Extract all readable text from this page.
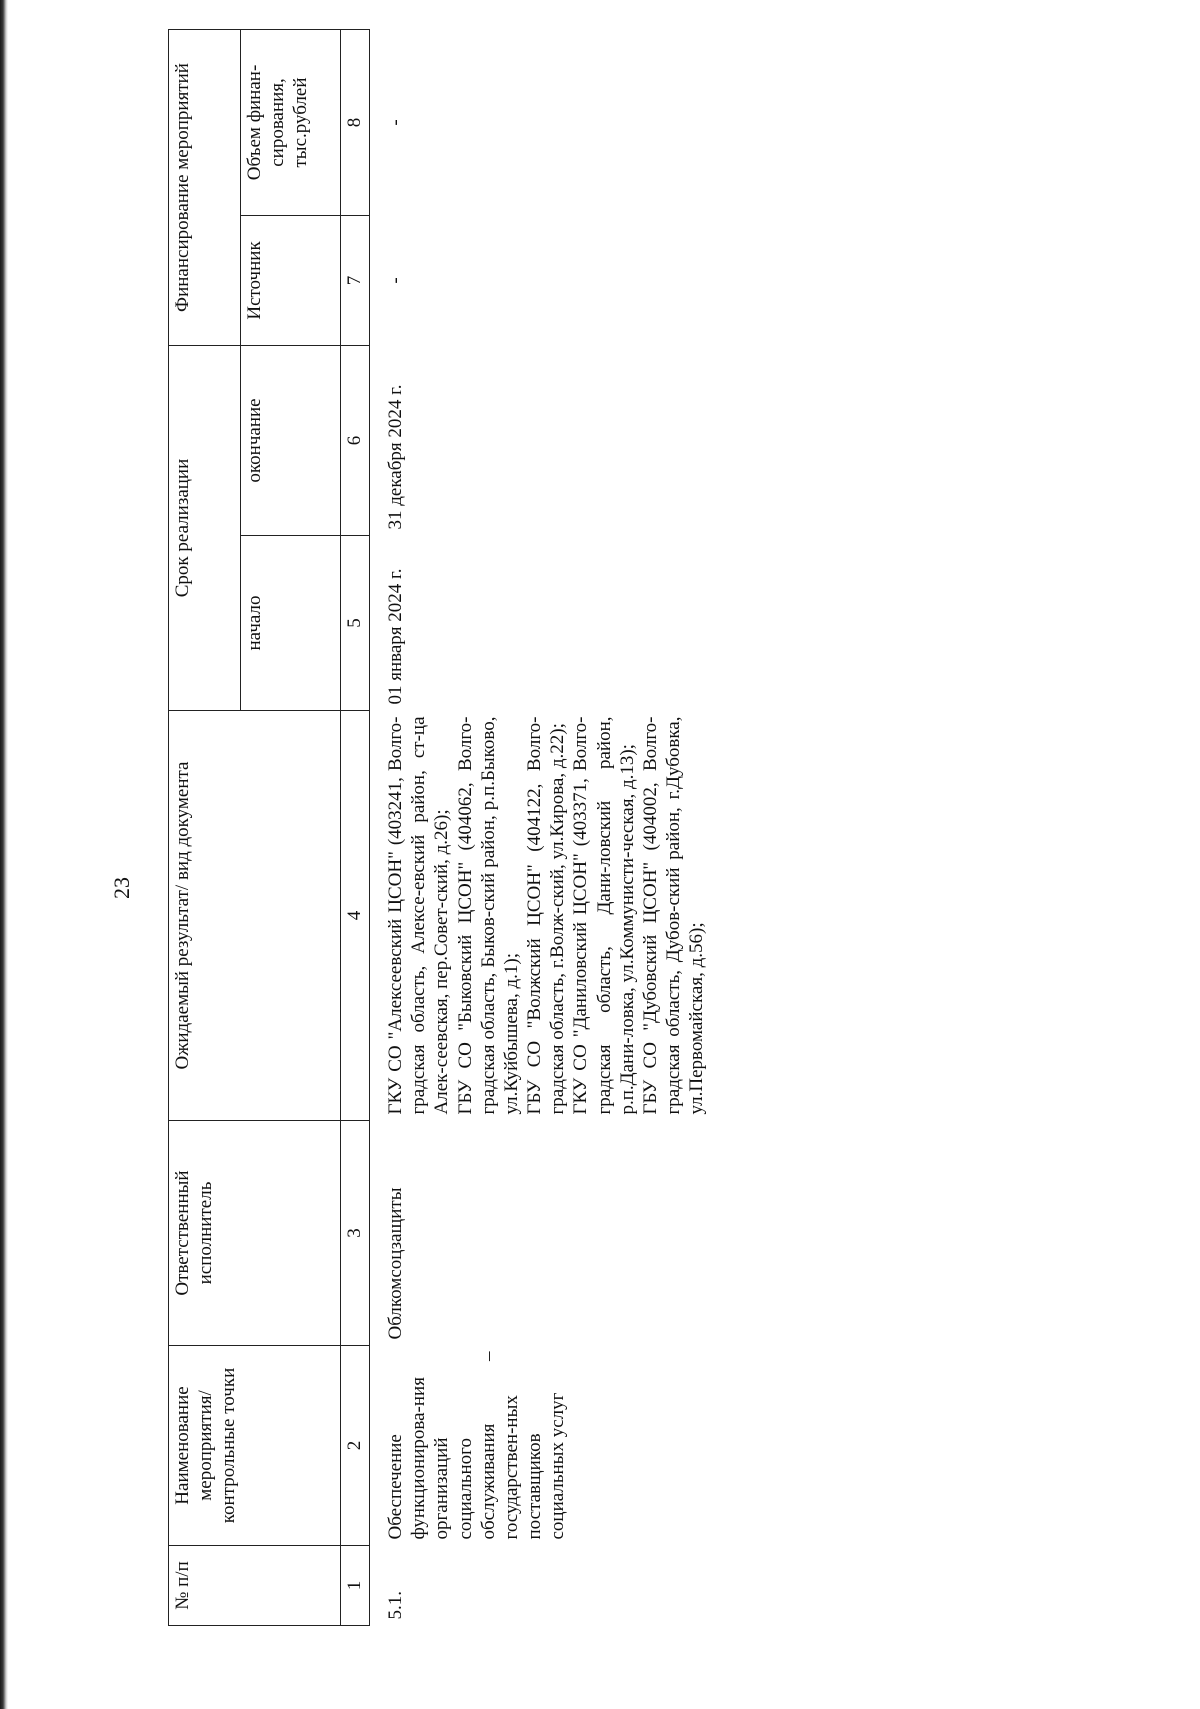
23
№ п/п	Наименование мероприятия/ контрольные точки	Ответственный исполнитель	Ожидаемый результат/ вид документа	Срок реализации		Финансирование мероприятий	
				начало	окончание	Источник	Объем финан-сирования, тыс.рублей
1	2	3	4	5	6	7	8
5.1.	Обеспечение функционирова-ния организаций социального обслуживания – государствен-ных поставщиков социальных услуг	Облкомсоцзащиты	ГКУ СО "Алексеевский ЦСОН" (403241, Волго-градская область, Алексе-евский район, ст-ца Алек-сеевская, пер.Совет-ский, д.26); ГБУ СО "Быковский ЦСОН" (404062, Волго-градская область, Быков-ский район, р.п.Быково, ул.Куйбышева, д.1); ГБУ СО "Волжский ЦСОН" (404122, Волго-градская область, г.Волж-ский, ул.Кирова, д.22); ГКУ СО "Даниловский ЦСОН" (403371, Волго-градская область, Дани-ловский район, р.п.Дани-ловка, ул.Коммунисти-ческая, д.13); ГБУ СО "Дубовский ЦСОН" (404002, Волго-градская область, Дубов-ский район, г.Дубовка, ул.Первомайская, д.56);	01 января 2024 г.	31 декабря 2024 г.	-	-
